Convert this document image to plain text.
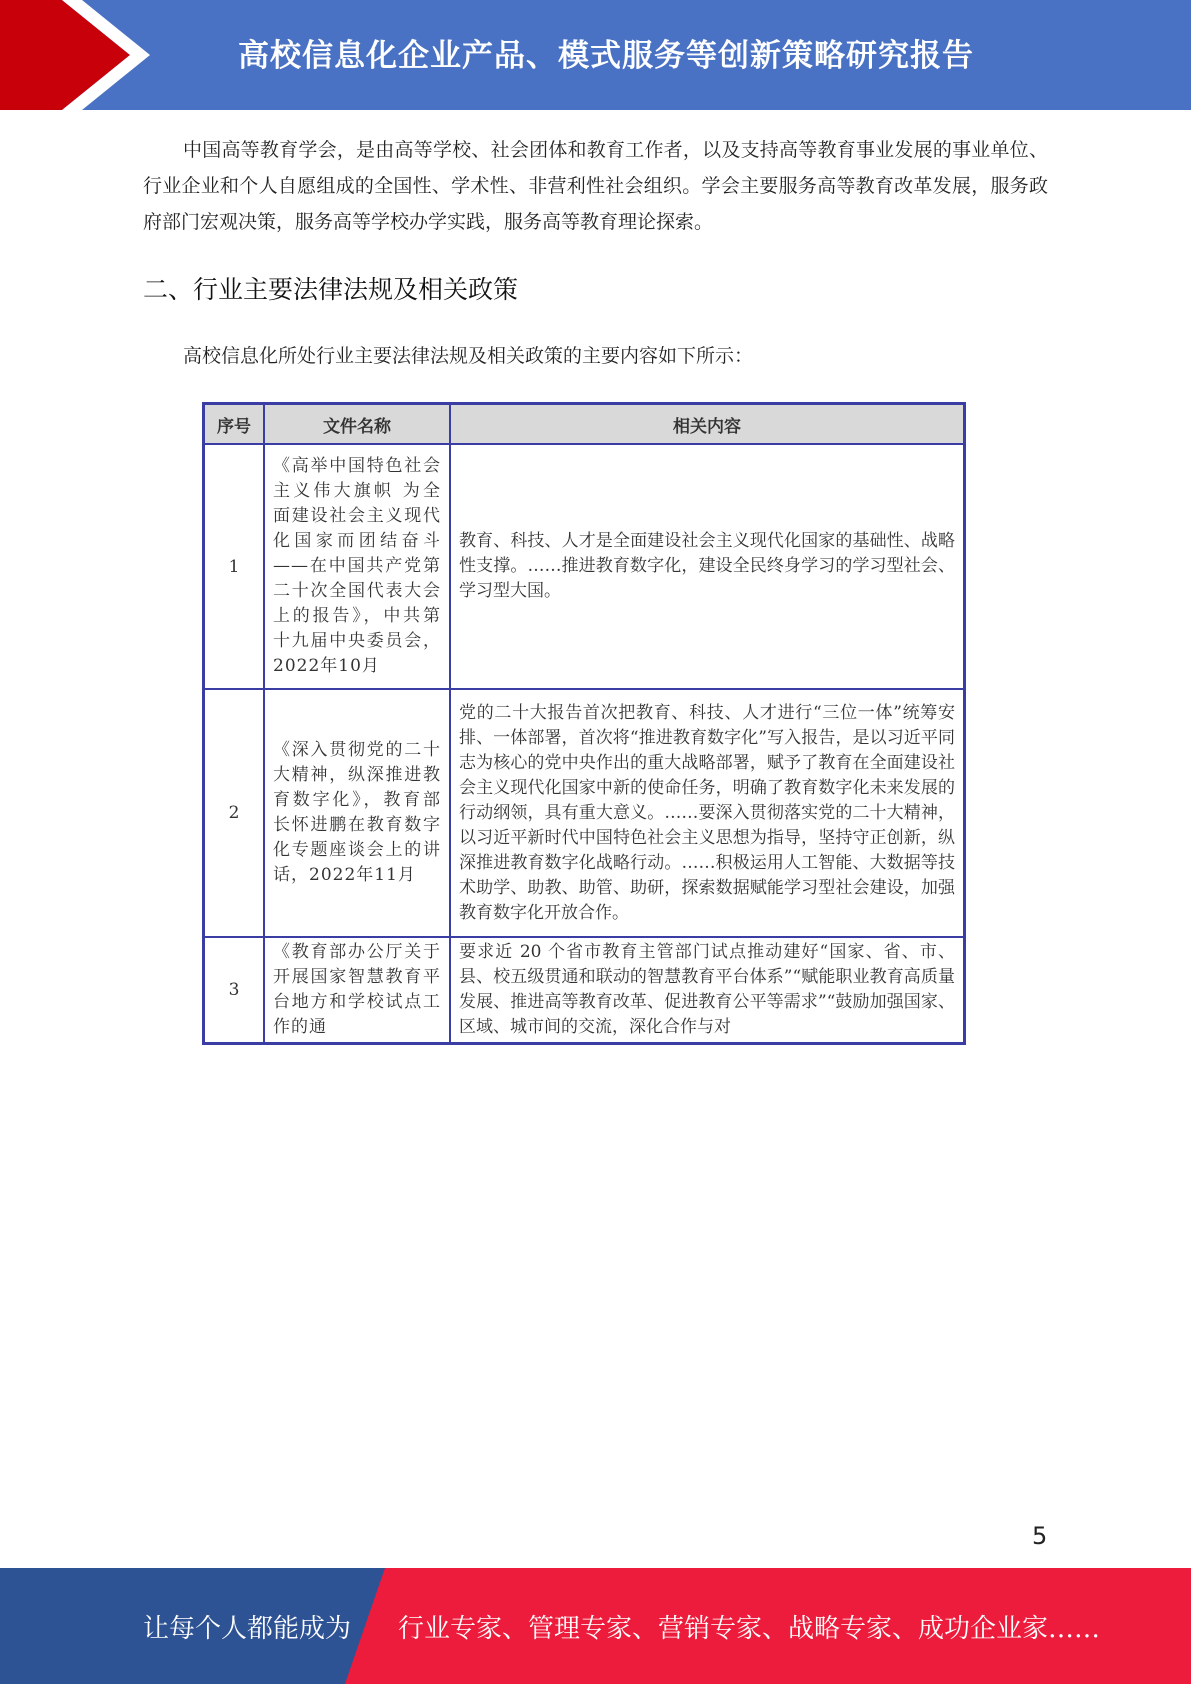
高校信息化企业产品、模式服务等创新策略研究报告

中国高等教育学会，是由高等学校、社会团体和教育工作者，以及支持高等教育事业发展的事业单位、行业企业和个人自愿组成的全国性、学术性、非营利性社会组织。学会主要服务高等教育改革发展，服务政府部门宏观决策，服务高等学校办学实践，服务高等教育理论探索。

二、行业主要法律法规及相关政策

高校信息化所处行业主要法律法规及相关政策的主要内容如下所示：

序号	文件名称	相关内容
1	《高举中国特色社会主义伟大旗帜 为全面建设社会主义现代化国家而团结奋斗——在中国共产党第二十次全国代表大会上的报告》，中共第十九届中央委员会，2022年10月	教育、科技、人才是全面建设社会主义现代化国家的基础性、战略性支撑。……推进教育数字化，建设全民终身学习的学习型社会、学习型大国。
2	《深入贯彻党的二十大精神，纵深推进教育数字化》，教育部长怀进鹏在教育数字化专题座谈会上的讲话，2022年11月	党的二十大报告首次把教育、科技、人才进行“三位一体”统筹安排、一体部署，首次将“推进教育数字化”写入报告，是以习近平同志为核心的党中央作出的重大战略部署，赋予了教育在全面建设社会主义现代化国家中新的使命任务，明确了教育数字化未来发展的行动纲领，具有重大意义。……要深入贯彻落实党的二十大精神，以习近平新时代中国特色社会主义思想为指导，坚持守正创新，纵深推进教育数字化战略行动。……积极运用人工智能、大数据等技术助学、助教、助管、助研，探索数据赋能学习型社会建设，加强教育数字化开放合作。
3	《教育部办公厅关于开展国家智慧教育平台地方和学校试点工作的通	要求近 20 个省市教育主管部门试点推动建好“国家、省、市、县、校五级贯通和联动的智慧教育平台体系”“赋能职业教育高质量发展、推进高等教育改革、促进教育公平等需求”“鼓励加强国家、区域、城市间的交流，深化合作与对
5
让每个人都能成为 行业专家、管理专家、营销专家、战略专家、成功企业家……
